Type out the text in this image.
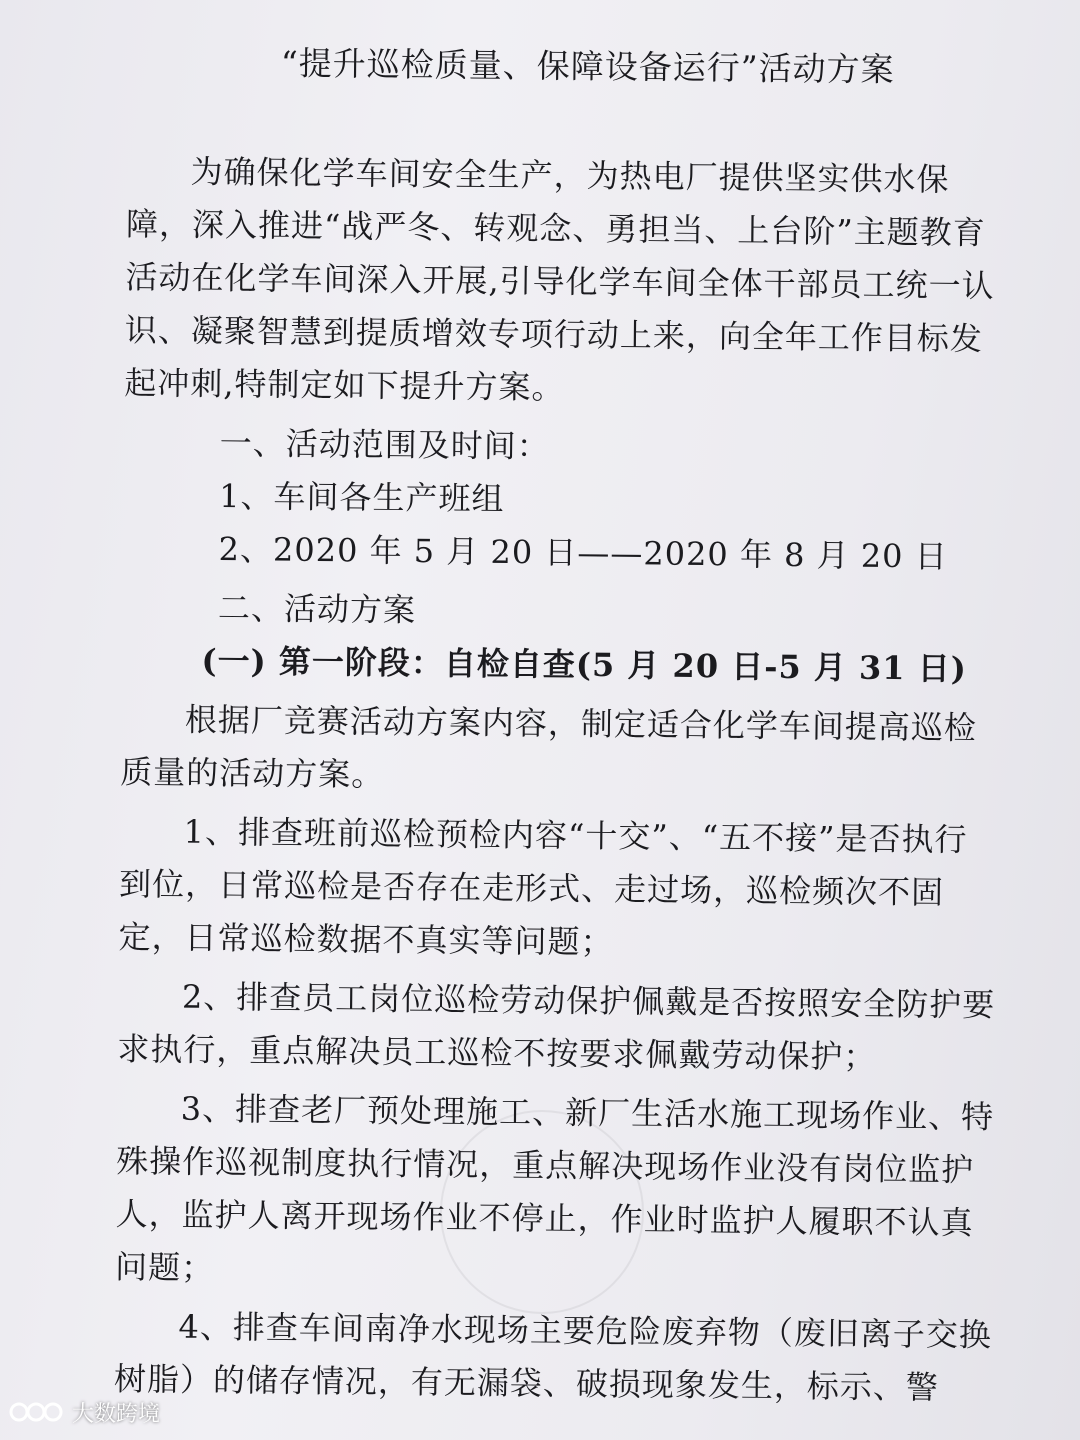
“提升巡检质量、保障设备运行”活动方案

为确保化学车间安全生产，为热电厂提供坚实供水保障，深入推进“战严冬、转观念、勇担当、上台阶”主题教育活动在化学车间深入开展,引导化学车间全体干部员工统一认识、凝聚智慧到提质增效专项行动上来，向全年工作目标发起冲刺,特制定如下提升方案。

一、活动范围及时间：

1、车间各生产班组

2、2020 年 5 月 20 日——2020 年 8 月 20 日

二、活动方案

(一) 第一阶段：自检自查(5 月 20 日-5 月 31 日)

根据厂竞赛活动方案内容，制定适合化学车间提高巡检质量的活动方案。

1、排查班前巡检预检内容“十交”、“五不接”是否执行到位，日常巡检是否存在走形式、走过场，巡检频次不固定，日常巡检数据不真实等问题；

2、排查员工岗位巡检劳动保护佩戴是否按照安全防护要求执行，重点解决员工巡检不按要求佩戴劳动保护；

3、排查老厂预处理施工、新厂生活水施工现场作业、特殊操作巡视制度执行情况，重点解决现场作业没有岗位监护人，监护人离开现场作业不停止，作业时监护人履职不认真问题；

4、排查车间南净水现场主要危险废弃物（废旧离子交换树脂）的储存情况，有无漏袋、破损现象发生，标示、警

大数跨境
